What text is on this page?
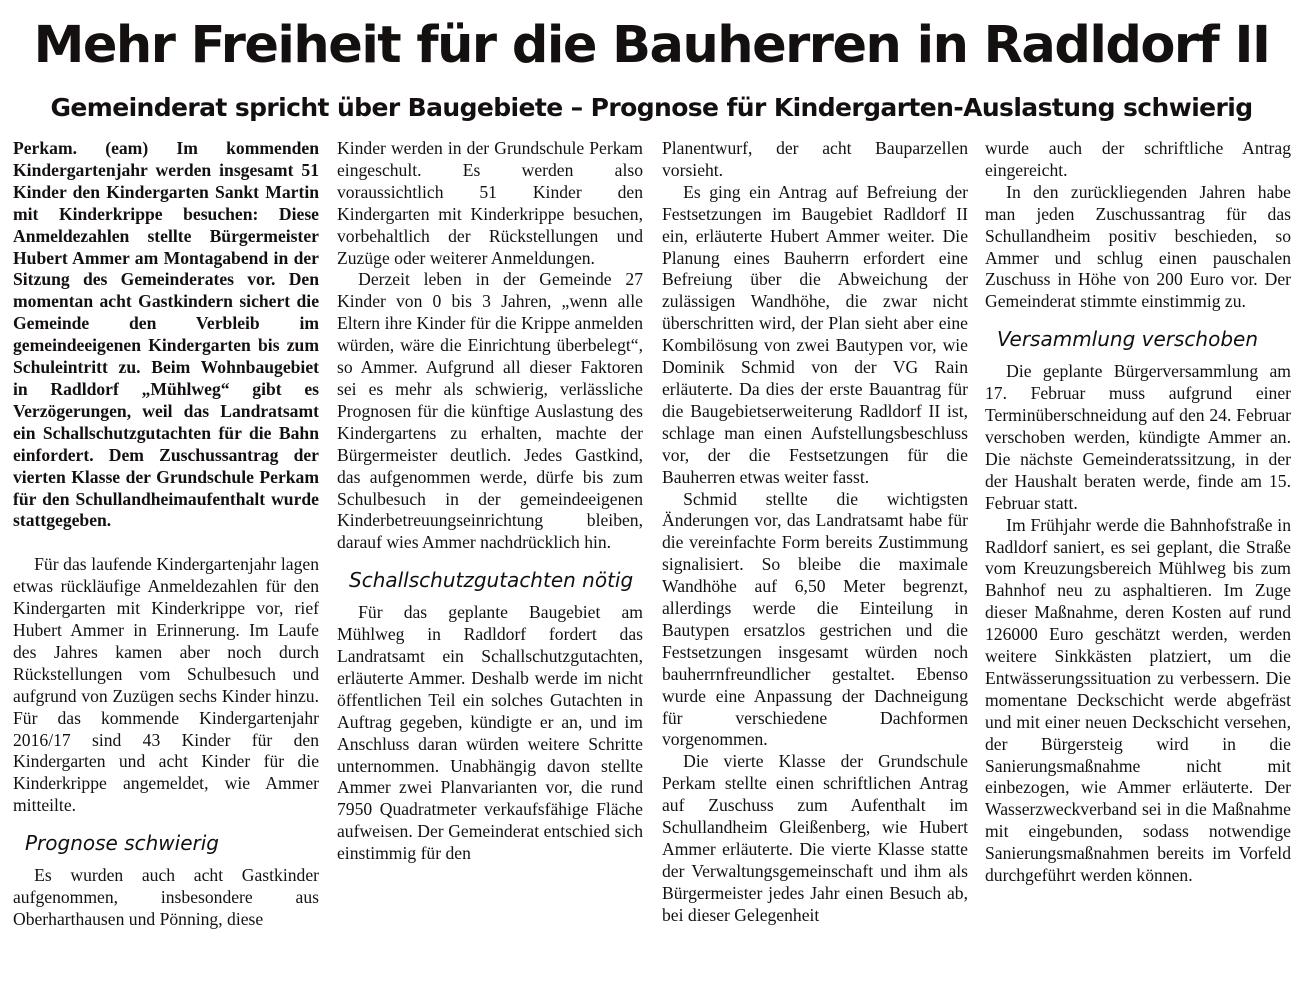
Mehr Freiheit für die Bauherren in Radldorf II
Gemeinderat spricht über Baugebiete – Prognose für Kindergarten-Auslastung schwierig

Perkam. (eam) Im kommenden Kindergartenjahr werden insgesamt 51 Kinder den Kindergarten Sankt Martin mit Kinderkrippe besuchen: Diese Anmeldezahlen stellte Bürgermeister Hubert Ammer am Montagabend in der Sitzung des Gemeinderates vor. Den momentan acht Gastkindern sichert die Gemeinde den Verbleib im gemeindeeigenen Kindergarten bis zum Schuleintritt zu. Beim Wohnbaugebiet in Radldorf „Mühlweg“ gibt es Verzögerungen, weil das Landratsamt ein Schallschutzgutachten für die Bahn einfordert. Dem Zuschussantrag der vierten Klasse der Grundschule Perkam für den Schullandheimaufenthalt wurde stattgegeben.

Für das laufende Kindergartenjahr lagen etwas rückläufige Anmeldezahlen für den Kindergarten mit Kinderkrippe vor, rief Hubert Ammer in Erinnerung. Im Laufe des Jahres kamen aber noch durch Rückstellungen vom Schulbesuch und aufgrund von Zuzügen sechs Kinder hinzu. Für das kommende Kindergartenjahr 2016/17 sind 43 Kinder für den Kindergarten und acht Kinder für die Kinderkrippe angemeldet, wie Ammer mitteilte.

Prognose schwierig

Es wurden auch acht Gastkinder aufgenommen, insbesondere aus Oberharthausen und Pönning, diese

Kinder werden in der Grundschule Perkam eingeschult. Es werden also voraussichtlich 51 Kinder den Kindergarten mit Kinderkrippe besuchen, vorbehaltlich der Rückstellungen und Zuzüge oder weiterer Anmeldungen.

Derzeit leben in der Gemeinde 27 Kinder von 0 bis 3 Jahren, „wenn alle Eltern ihre Kinder für die Krippe anmelden würden, wäre die Einrichtung überbelegt“, so Ammer. Aufgrund all dieser Faktoren sei es mehr als schwierig, verlässliche Prognosen für die künftige Auslastung des Kindergartens zu erhalten, machte der Bürgermeister deutlich. Jedes Gastkind, das aufgenommen werde, dürfe bis zum Schulbesuch in der gemeindeeigenen Kinderbetreuungseinrichtung bleiben, darauf wies Ammer nachdrücklich hin.

Schallschutzgutachten nötig

Für das geplante Baugebiet am Mühlweg in Radldorf fordert das Landratsamt ein Schallschutzgutachten, erläuterte Ammer. Deshalb werde im nicht öffentlichen Teil ein solches Gutachten in Auftrag gegeben, kündigte er an, und im Anschluss daran würden weitere Schritte unternommen. Unabhängig davon stellte Ammer zwei Planvarianten vor, die rund 7950 Quadratmeter verkaufsfähige Fläche aufweisen. Der Gemeinderat entschied sich einstimmig für den

Planentwurf, der acht Bauparzellen vorsieht.

Es ging ein Antrag auf Befreiung der Festsetzungen im Baugebiet Radldorf II ein, erläuterte Hubert Ammer weiter. Die Planung eines Bauherrn erfordert eine Befreiung über die Abweichung der zulässigen Wandhöhe, die zwar nicht überschritten wird, der Plan sieht aber eine Kombilösung von zwei Bautypen vor, wie Dominik Schmid von der VG Rain erläuterte. Da dies der erste Bauantrag für die Baugebietserweiterung Radldorf II ist, schlage man einen Aufstellungsbeschluss vor, der die Festsetzungen für die Bauherren etwas weiter fasst.

Schmid stellte die wichtigsten Änderungen vor, das Landratsamt habe für die vereinfachte Form bereits Zustimmung signalisiert. So bleibe die maximale Wandhöhe auf 6,50 Meter begrenzt, allerdings werde die Einteilung in Bautypen ersatzlos gestrichen und die Festsetzungen insgesamt würden noch bauherrnfreundlicher gestaltet. Ebenso wurde eine Anpassung der Dachneigung für verschiedene Dachformen vorgenommen.

Die vierte Klasse der Grundschule Perkam stellte einen schriftlichen Antrag auf Zuschuss zum Aufenthalt im Schullandheim Gleißenberg, wie Hubert Ammer erläuterte. Die vierte Klasse statte der Verwaltungsgemeinschaft und ihm als Bürgermeister jedes Jahr einen Besuch ab, bei dieser Gelegenheit

wurde auch der schriftliche Antrag eingereicht.

In den zurückliegenden Jahren habe man jeden Zuschussantrag für das Schullandheim positiv beschieden, so Ammer und schlug einen pauschalen Zuschuss in Höhe von 200 Euro vor. Der Gemeinderat stimmte einstimmig zu.

Versammlung verschoben

Die geplante Bürgerversammlung am 17. Februar muss aufgrund einer Terminüberschneidung auf den 24. Februar verschoben werden, kündigte Ammer an. Die nächste Gemeinderatssitzung, in der der Haushalt beraten werde, finde am 15. Februar statt.

Im Frühjahr werde die Bahnhofstraße in Radldorf saniert, es sei geplant, die Straße vom Kreuzungsbereich Mühlweg bis zum Bahnhof neu zu asphaltieren. Im Zuge dieser Maßnahme, deren Kosten auf rund 126000 Euro geschätzt werden, werden weitere Sinkkästen platziert, um die Entwässerungssituation zu verbessern. Die momentane Deckschicht werde abgefräst und mit einer neuen Deckschicht versehen, der Bürgersteig wird in die Sanierungsmaßnahme nicht mit einbezogen, wie Ammer erläuterte. Der Wasserzweckverband sei in die Maßnahme mit eingebunden, sodass notwendige Sanierungsmaßnahmen bereits im Vorfeld durchgeführt werden können.
